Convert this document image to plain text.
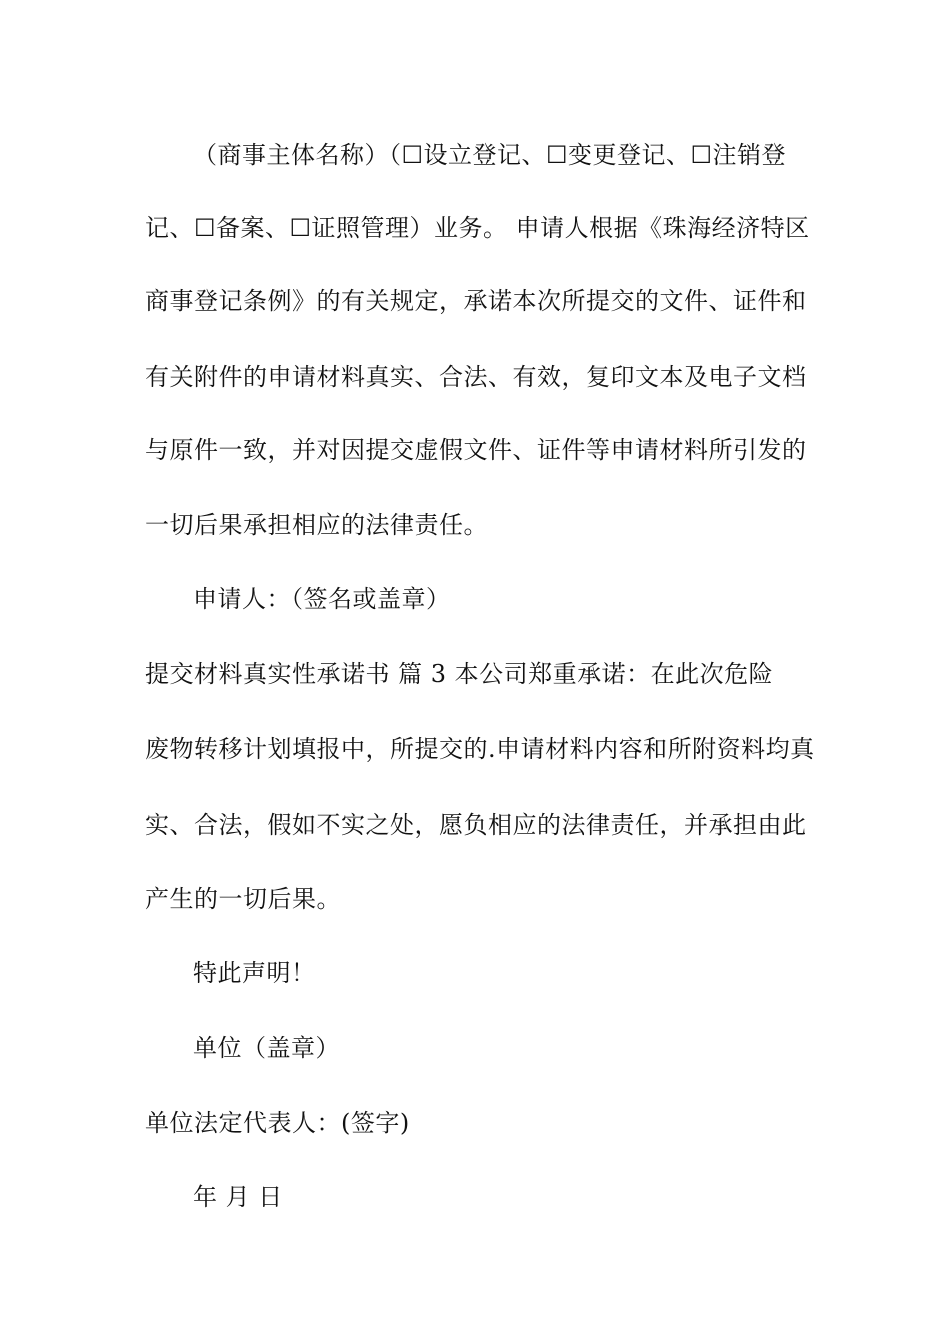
（商事主体名称）（☐设立登记、☐变更登记、☐注销登
记、☐备案、☐证照管理）业务。 申请人根据《珠海经济特区
商事登记条例》的有关规定，承诺本次所提交的文件、证件和
有关附件的申请材料真实、合法、有效，复印文本及电子文档
与原件一致，并对因提交虚假文件、证件等申请材料所引发的
一切后果承担相应的法律责任。
申请人：（签名或盖章）
提交材料真实性承诺书 篇 3 本公司郑重承诺：在此次危险
废物转移计划填报中，所提交的.申请材料内容和所附资料均真
实、合法，假如不实之处，愿负相应的法律责任，并承担由此
产生的一切后果。
特此声明！
单位（盖章）
单位法定代表人：(签字)
年 月 日
